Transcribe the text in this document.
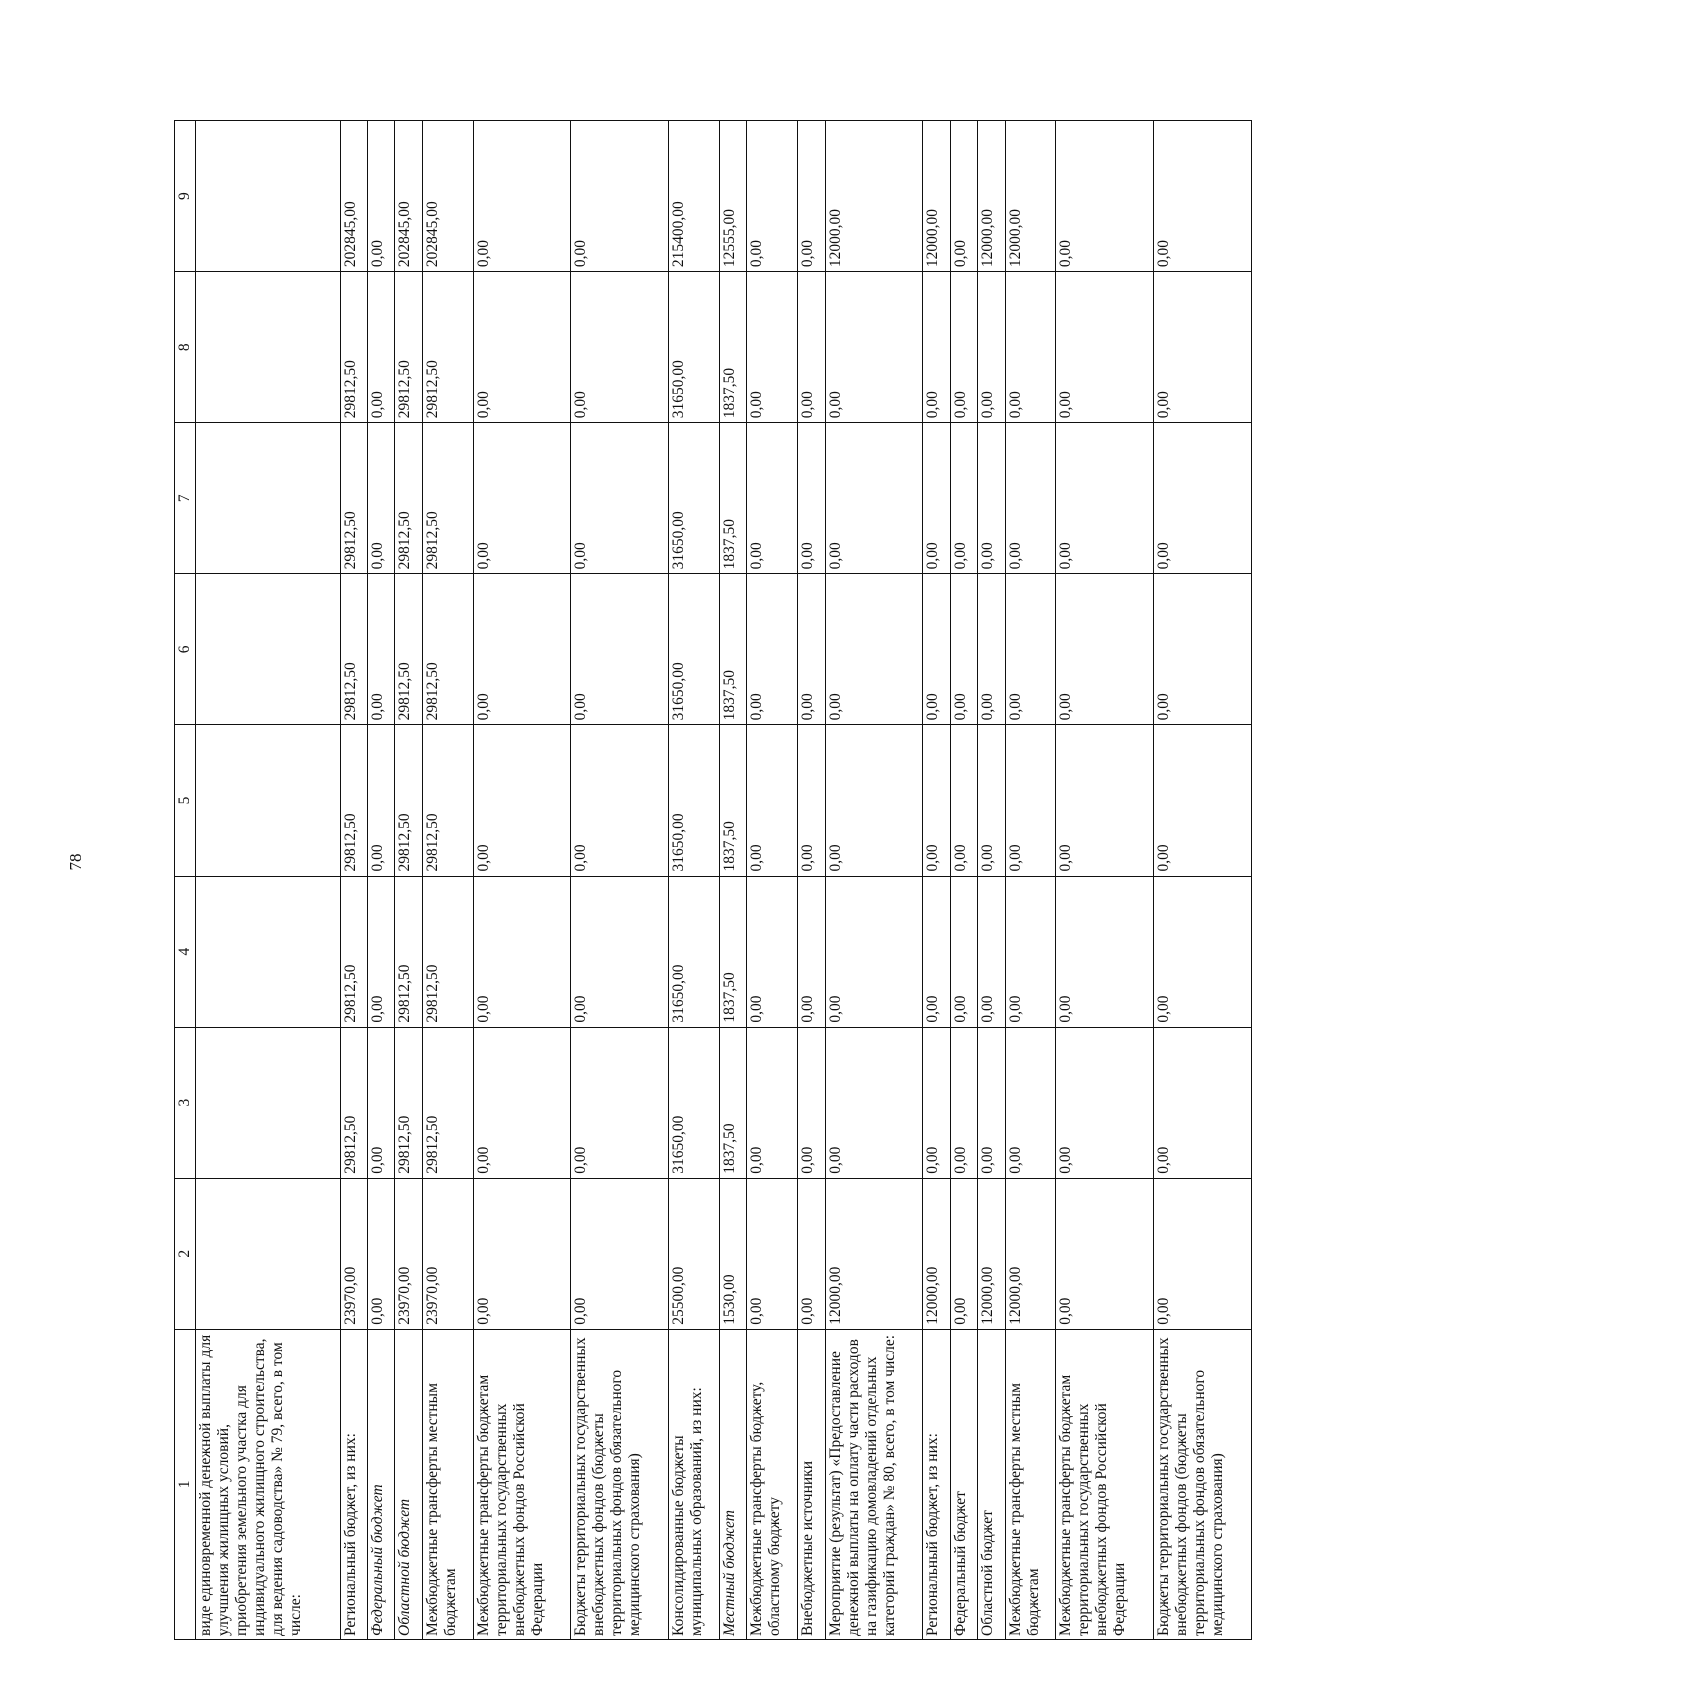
78
1	2	3	4	5	6	7	8	9
виде единовременной денежной выплаты для улучшения жилищных условий, приобретения земельного участка для индивидуального жилищного строительства, для ведения садоводства» № 79, всего, в том числе:								
Региональный бюджет, из них:	23970,00	29812,50	29812,50	29812,50	29812,50	29812,50	29812,50	202845,00
Федеральный бюджет	0,00	0,00	0,00	0,00	0,00	0,00	0,00	0,00
Областной бюджет	23970,00	29812,50	29812,50	29812,50	29812,50	29812,50	29812,50	202845,00
Межбюджетные трансферты местным бюджетам	23970,00	29812,50	29812,50	29812,50	29812,50	29812,50	29812,50	202845,00
Межбюджетные трансферты бюджетам территориальных государственных внебюджетных фондов Российской Федерации	0,00	0,00	0,00	0,00	0,00	0,00	0,00	0,00
Бюджеты территориальных государственных внебюджетных фондов (бюджеты территориальных фондов обязательного медицинского страхования)	0,00	0,00	0,00	0,00	0,00	0,00	0,00	0,00
Консолидированные бюджеты муниципальных образований, из них:	25500,00	31650,00	31650,00	31650,00	31650,00	31650,00	31650,00	215400,00
Местный бюджет	1530,00	1837,50	1837,50	1837,50	1837,50	1837,50	1837,50	12555,00
Межбюджетные трансферты бюджету, областному бюджету	0,00	0,00	0,00	0,00	0,00	0,00	0,00	0,00
Внебюджетные источники	0,00	0,00	0,00	0,00	0,00	0,00	0,00	0,00
Мероприятие (результат) «Предоставление денежной выплаты на оплату части расходов на газификацию домовладений отдельных категорий граждан» № 80, всего, в том числе:	12000,00	0,00	0,00	0,00	0,00	0,00	0,00	12000,00
Региональный бюджет, из них:	12000,00	0,00	0,00	0,00	0,00	0,00	0,00	12000,00
Федеральный бюджет	0,00	0,00	0,00	0,00	0,00	0,00	0,00	0,00
Областной бюджет	12000,00	0,00	0,00	0,00	0,00	0,00	0,00	12000,00
Межбюджетные трансферты местным бюджетам	12000,00	0,00	0,00	0,00	0,00	0,00	0,00	12000,00
Межбюджетные трансферты бюджетам территориальных государственных внебюджетных фондов Российской Федерации	0,00	0,00	0,00	0,00	0,00	0,00	0,00	0,00
Бюджеты территориальных государственных внебюджетных фондов (бюджеты территориальных фондов обязательного медицинского страхования)	0,00	0,00	0,00	0,00	0,00	0,00	0,00	0,00
